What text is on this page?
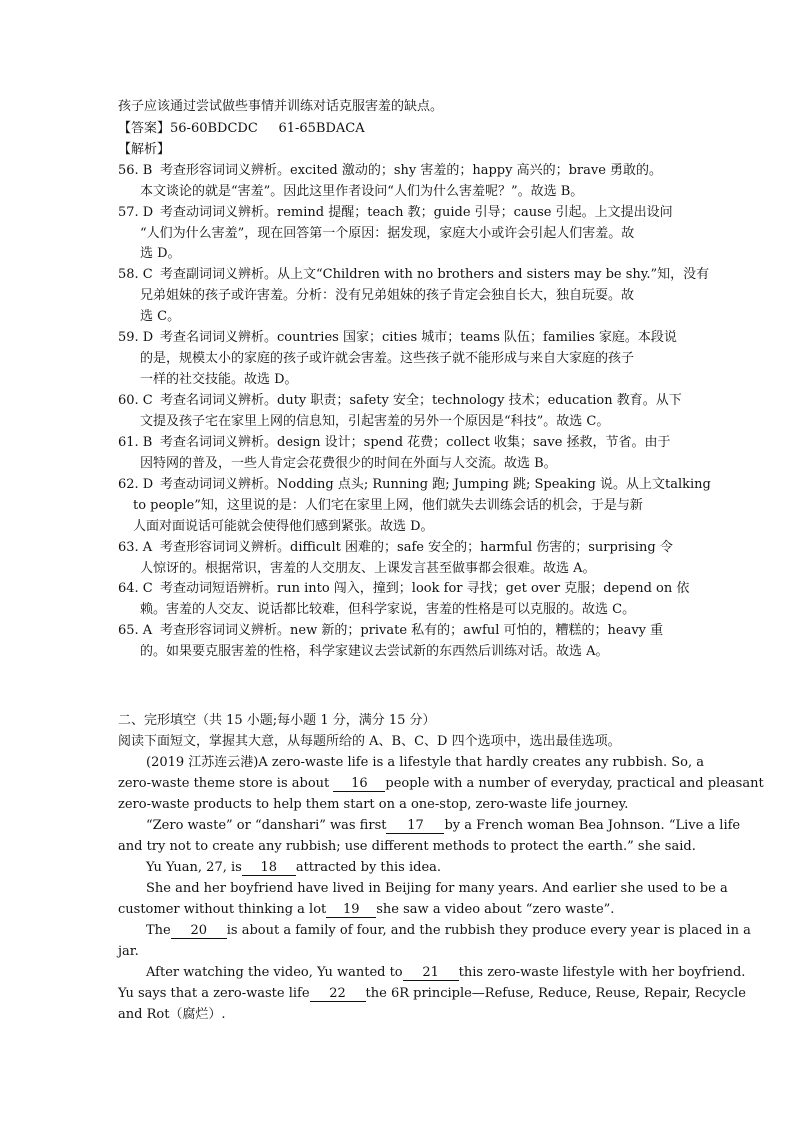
孩子应该通过尝试做些事情并训练对话克服害羞的缺点。
【答案】56-60BDCDC     61-65BDACA
【解析】
56. B 考查形容词词义辨析。excited 激动的；shy 害羞的；happy 高兴的；brave 勇敢的。
本文谈论的就是“害羞”。因此这里作者设问“人们为什么害羞呢？”。故选 B。
57. D 考查动词词义辨析。remind 提醒；teach 教；guide 引导；cause 引起。上文提出设问
“人们为什么害羞”，现在回答第一个原因：据发现，家庭大小或许会引起人们害羞。故
选 D。
58. C 考查副词词义辨析。从上文“Children with no brothers and sisters may be shy.”知，没有
兄弟姐妹的孩子或许害羞。分析：没有兄弟姐妹的孩子肯定会独自长大，独自玩耍。故
选 C。
59. D 考查名词词义辨析。countries 国家；cities 城市；teams 队伍；families 家庭。本段说
的是，规模太小的家庭的孩子或许就会害羞。这些孩子就不能形成与来自大家庭的孩子
一样的社交技能。故选 D。
60. C 考查名词词义辨析。duty 职责；safety 安全；technology 技术；education 教育。从下
文提及孩子宅在家里上网的信息知，引起害羞的另外一个原因是“科技”。故选 C。
61. B 考查名词词义辨析。design 设计；spend 花费；collect 收集；save 拯救，节省。由于
因特网的普及，一些人肯定会花费很少的时间在外面与人交流。故选 B。
62. D 考查动词词义辨析。Nodding 点头; Running 跑; Jumping 跳; Speaking 说。从上文talking
to people”知，这里说的是：人们宅在家里上网，他们就失去训练会话的机会，于是与新
人面对面说话可能就会使得他们感到紧张。故选 D。
63. A 考查形容词词义辨析。difficult 困难的；safe 安全的；harmful 伤害的；surprising 令
人惊讶的。根据常识，害羞的人交朋友、上课发言甚至做事都会很难。故选 A。
64. C 考查动词短语辨析。run into 闯入，撞到；look for 寻找；get over 克服；depend on 依
赖。害羞的人交友、说话都比较难，但科学家说，害羞的性格是可以克服的。故选 C。
65. A 考查形容词词义辨析。new 新的；private 私有的；awful 可怕的，糟糕的；heavy 重
的。如果要克服害羞的性格，科学家建议去尝试新的东西然后训练对话。故选 A。
二、完形填空（共 15 小题;每小题 1 分，满分 15 分）
阅读下面短文，掌握其大意，从每题所给的 A、B、C、D 四个选项中，选出最佳选项。
(2019 江苏连云港)A zero-waste life is a lifestyle that hardly creates any rubbish. So, a
zero-waste theme store is about 16 people with a number of everyday, practical and pleasant
zero-waste products to help them start on a one-stop, zero-waste life journey.
“Zero waste” or “danshari” was first 17 by a French woman Bea Johnson. “Live a life
and try not to create any rubbish; use different methods to protect the earth.” she said.
Yu Yuan, 27, is 18 attracted by this idea.
She and her boyfriend have lived in Beijing for many years. And earlier she used to be a
customer without thinking a lot 19 she saw a video about “zero waste”.
The 20 is about a family of four, and the rubbish they produce every year is placed in a
jar.
After watching the video, Yu wanted to 21 this zero-waste lifestyle with her boyfriend.
Yu says that a zero-waste life 22 the 6R principle—Refuse, Reduce, Reuse, Repair, Recycle
and Rot（腐烂）.
